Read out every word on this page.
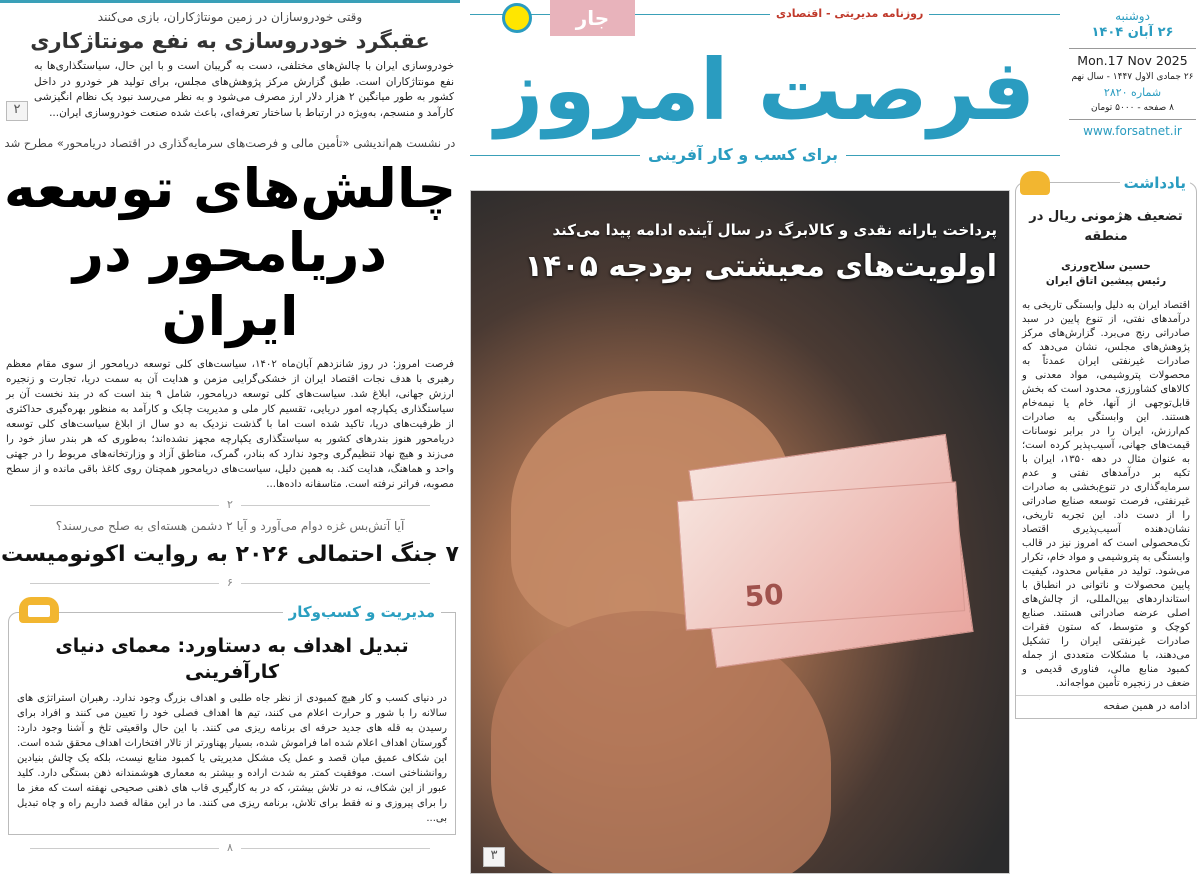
وقتی خودروسازان در زمین مونتاژکاران، بازی می‌کنند
عقبگرد خودروسازی به نفع مونتاژکاری
خودروسازی ایران با چالش‌های مختلفی، دست به گریبان است و با این حال، سیاستگذاری‌ها به نفع مونتاژکاران است. طبق گزارش مرکز پژوهش‌های مجلس، برای تولید هر خودرو در داخل کشور به طور میانگین ۲ هزار دلار ارز مصرف می‌شود و به نظر می‌رسد نبود یک نظام انگیزشی کارآمد و منسجم، به‌ویژه در ارتباط با ساختار تعرفه‌ای، باعث شده صنعت خودروسازی ایران...
۲
در نشست هم‌اندیشی «تأمین مالی و فرصت‌های سرمایه‌گذاری در اقتصاد دریامحور» مطرح شد
چالش‌های توسعه
دریامحور در ایران
فرصت امروز: در روز شانزدهم آبان‌ماه ۱۴۰۲، سیاست‌های کلی توسعه دریامحور از سوی مقام معظم رهبری با هدف نجات اقتصاد ایران از خشکی‌گرایی مزمن و هدایت آن به سمت دریا، تجارت و زنجیره ارزش جهانی، ابلاغ شد. سیاست‌های کلی توسعه دریامحور، شامل ۹ بند است که در بند نخست آن بر سیاستگذاری یکپارچه امور دریایی، تقسیم کار ملی و مدیریت چابک و کارآمد به منظور بهره‌گیری حداکثری از ظرفیت‌های دریا، تاکید شده است اما با گذشت نزدیک به دو سال از ابلاغ سیاست‌های کلی توسعه دریامحور هنوز بندرهای کشور به سیاستگذاری یکپارچه مجهز نشده‌اند؛ به‌طوری که هر بندر ساز خود را می‌زند و هیچ نهاد تنظیم‌گری وجود ندارد که بنادر، گمرک، مناطق آزاد و وزارتخانه‌های مربوط را در جهتی واحد و هماهنگ، هدایت کند. به همین دلیل، سیاست‌های دریامحور همچنان روی کاغذ باقی مانده و از سطح مصوبه، فراتر نرفته است. متاسفانه داده‌ها...
۲
آیا آتش‌بس غزه دوام می‌آورد و آیا ۲ دشمن هسته‌ای به صلح می‌رسند؟
۷ جنگ احتمالی ۲۰۲۶ به روایت اکونومیست
۶
مدیریت و کسب‌وکار
تبدیل اهداف به دستاورد: معمای دنیای کارآفرینی
در دنیای کسب و کار هیچ کمبودی از نظر جاه طلبی و اهداف بزرگ وجود ندارد. رهبران استراتژی های سالانه را با شور و حرارت اعلام می کنند، تیم ها اهداف فصلی خود را تعیین می کنند و افراد برای رسیدن به قله های جدید حرفه ای برنامه ریزی می کنند. با این حال واقعیتی تلخ و آشنا وجود دارد: گورستان اهداف اعلام شده اما فراموش شده، بسیار پهناورتر از تالار افتخارات اهداف محقق شده است. این شکاف عمیق میان قصد و عمل یک مشکل مدیریتی یا کمبود منابع نیست، بلکه یک چالش بنیادین روانشناختی است. موفقیت کمتر به شدت اراده و بیشتر به معماری هوشمندانه ذهن بستگی دارد. کلید عبور از این شکاف، نه در تلاش بیشتر، که در به کارگیری قاب های ذهنی صحیحی نهفته است که مغز ما را برای پیروزی و نه فقط برای تلاش، برنامه ریزی می کنند. ما در این مقاله قصد داریم راه و چاه تبدیل بی...
۸
روزنامه مدیریتی - اقتصادی
جار
فرصت امروز
برای کسب و کار آفرینی
50
پرداخت یارانه نقدی و کالابرگ در سال آینده ادامه پیدا می‌کند
اولویت‌های معیشتی بودجه ۱۴۰۵
۳
دوشنبه
۲۶ آبان ۱۴۰۴
Mon.17 Nov 2025
۲۶ جمادی الاول ۱۴۴۷ - سال نهم
شماره ۲۸۲۰
۸ صفحه - ۵۰۰۰ تومان
www.forsatnet.ir
یادداشت
تضعیف هژمونی ریال در منطقه
حسین سلاح‌ورزی
رئیس پیشین اتاق ایران
اقتصاد ایران به دلیل وابستگی تاریخی به درآمدهای نفتی، از تنوع پایین در سبد صادراتی رنج می‌برد. گزارش‌های مرکز پژوهش‌های مجلس، نشان می‌دهد که صادرات غیرنفتی ایران عمدتاً به محصولات پتروشیمی، مواد معدنی و کالاهای کشاورزی، محدود است که بخش قابل‌توجهی از آنها، خام یا نیمه‌خام هستند. این وابستگی به صادرات کم‌ارزش، ایران را در برابر نوسانات قیمت‌های جهانی، آسیب‌پذیر کرده است؛ به عنوان مثال در دهه ۱۳۵۰، ایران با تکیه بر درآمدهای نفتی و عدم سرمایه‌گذاری در تنوع‌بخشی به صادرات غیرنفتی، فرصت توسعه صنایع صادراتی را از دست داد. این تجربه تاریخی، نشان‌دهنده آسیب‌پذیری اقتصاد تک‌محصولی است که امروز نیز در قالب وابستگی به پتروشیمی و مواد خام، تکرار می‌شود. تولید در مقیاس محدود، کیفیت پایین محصولات و ناتوانی در انطباق با استانداردهای بین‌المللی، از چالش‌های اصلی عرضه صادراتی هستند. صنایع کوچک و متوسط، که ستون فقرات صادرات غیرنفتی ایران را تشکیل می‌دهند، با مشکلات متعددی از جمله کمبود منابع مالی، فناوری قدیمی و ضعف در زنجیره تأمین مواجه‌اند.
ادامه در همین صفحه
